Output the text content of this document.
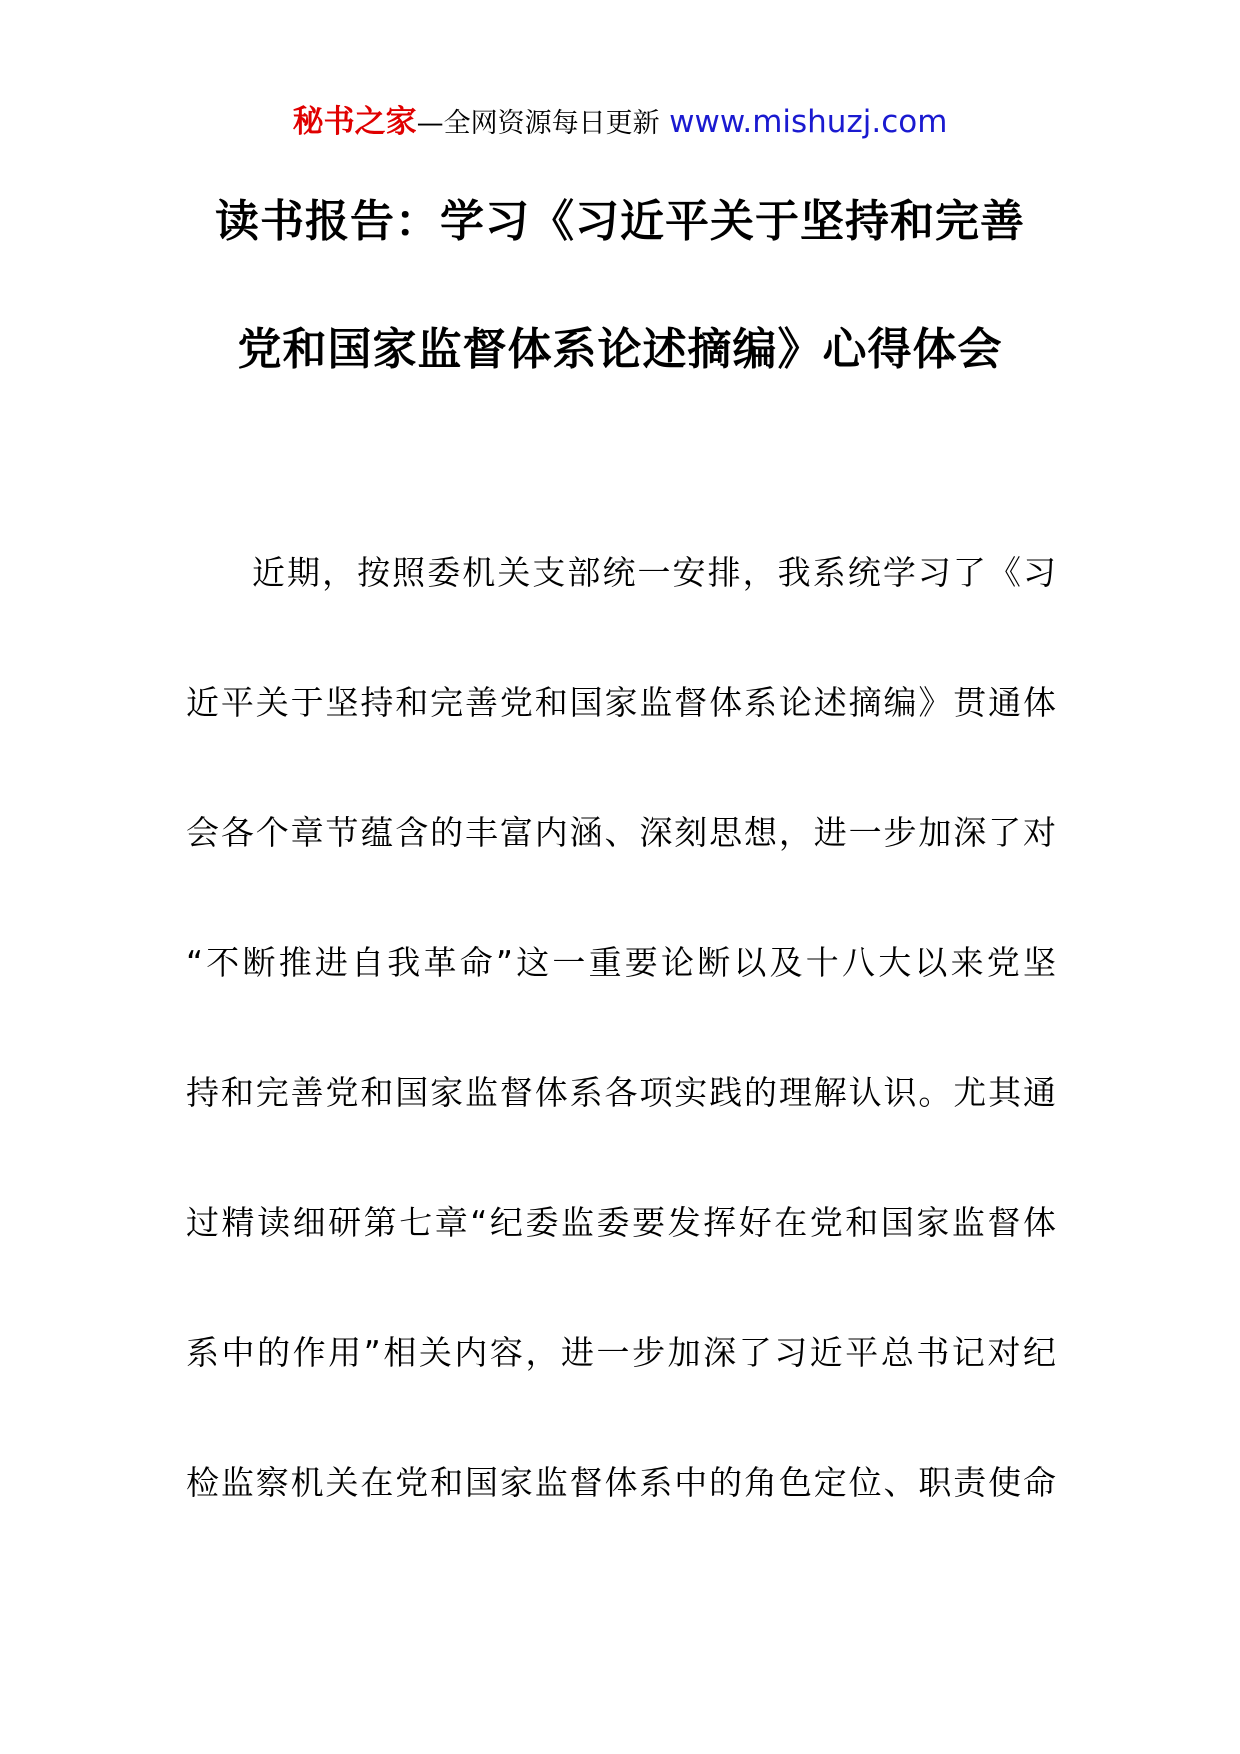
秘书之家—全网资源每日更新 www.mishuzj.com
读书报告：学习《习近平关于坚持和完善
党和国家监督体系论述摘编》心得体会
近期，按照委机关支部统一安排，我系统学习了《习
近平关于坚持和完善党和国家监督体系论述摘编》贯通体
会各个章节蕴含的丰富内涵、深刻思想，进一步加深了对
“不断推进自我革命”这一重要论断以及十八大以来党坚
持和完善党和国家监督体系各项实践的理解认识。尤其通
过精读细研第七章“纪委监委要发挥好在党和国家监督体
系中的作用”相关内容，进一步加深了习近平总书记对纪
检监察机关在党和国家监督体系中的角色定位、职责使命
